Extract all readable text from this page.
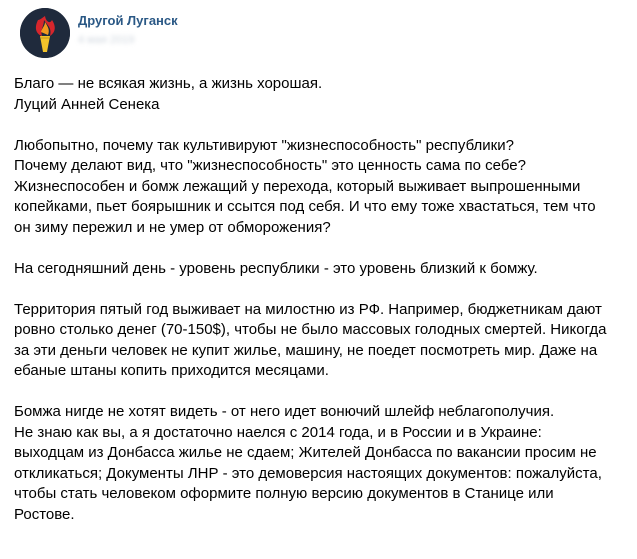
Другой Луганск
4 мая 2019

Благо — не всякая жизнь, а жизнь хорошая.
Луций Анней Сенека

Любопытно, почему так культивируют "жизнеспособность" республики?
Почему делают вид, что "жизнеспособность" это ценность сама по себе?
Жизнеспособен и бомж лежащий у перехода, который выживает выпрошенными
копейками, пьет боярышник и ссытся под себя. И что ему тоже хвастаться, тем что
он зиму пережил и не умер от обморожения?

На сегодняшний день - уровень республики - это уровень близкий к бомжу.

Территория пятый год выживает на милостню из РФ. Например, бюджетникам дают
ровно столько денег (70-150$), чтобы не было массовых голодных смертей. Никогда
за эти деньги человек не купит жилье, машину, не поедет посмотреть мир. Даже на
ебаные штаны копить приходится месяцами.

Бомжа нигде не хотят видеть - от него идет вонючий шлейф неблагополучия.
Не знаю как вы, а я достаточно наелся с 2014 года, и в России и в Украине:
выходцам из Донбасса жилье не сдаем; Жителей Донбасса по вакансии просим не
откликаться; Документы ЛНР - это демоверсия настоящих документов: пожалуйста,
чтобы стать человеком оформите полную версию документов в Станице или
Ростове.
